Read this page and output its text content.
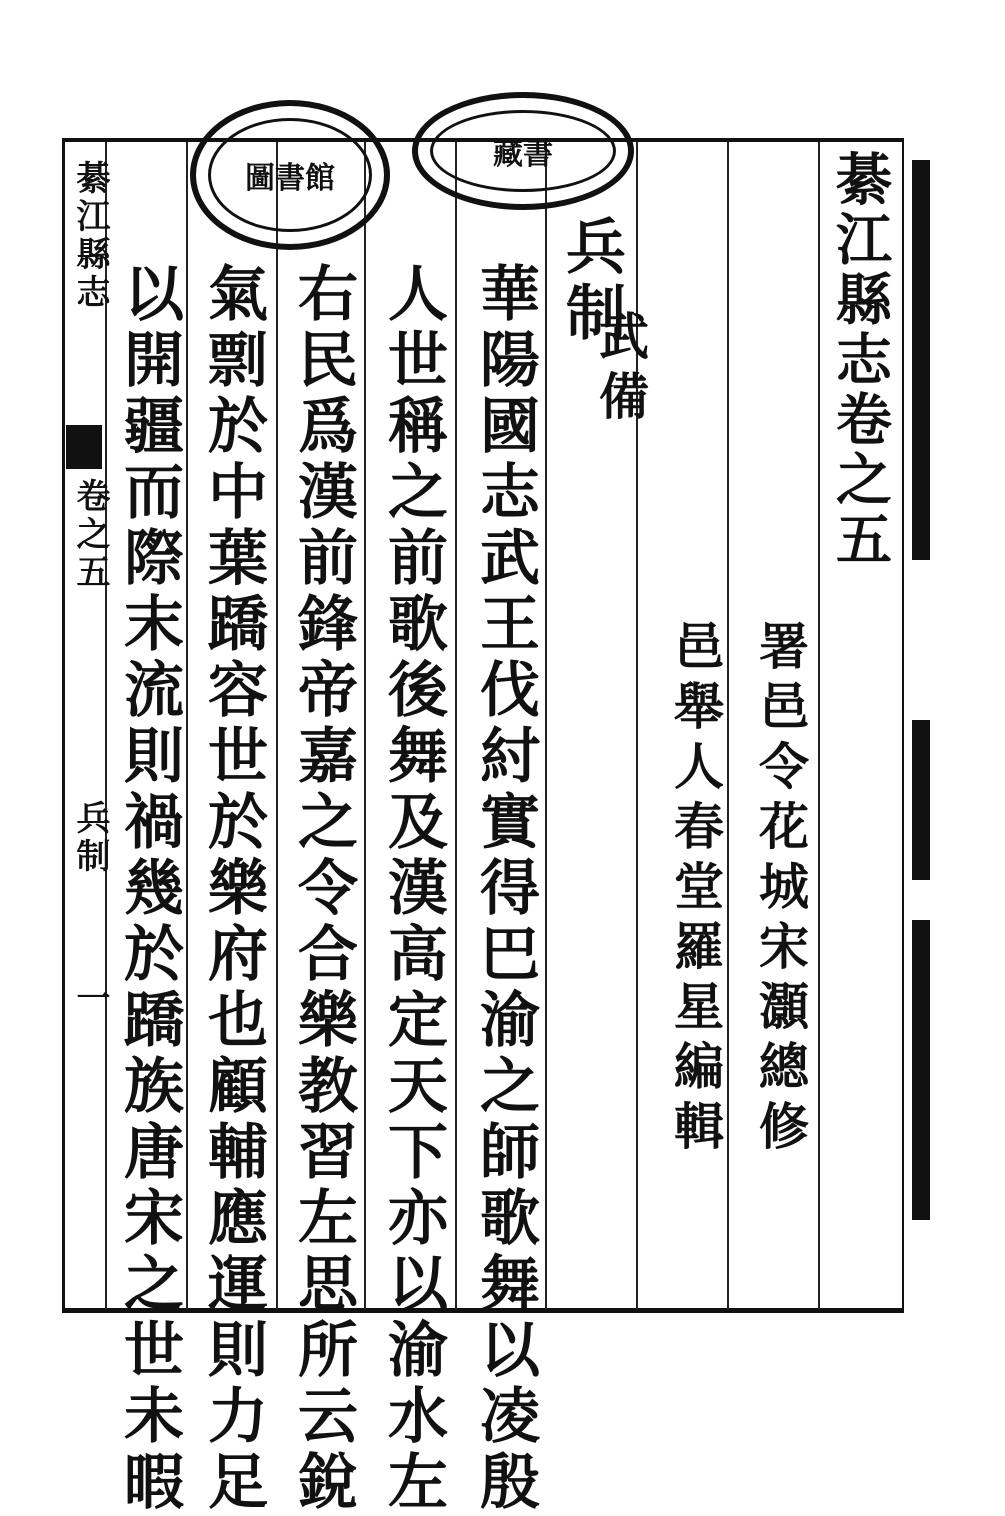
綦江縣志卷之五
署邑令花城宋灝總修
邑舉人春堂羅星編輯
兵制
武備
華陽國志武王伐紂實得巴渝之師歌舞以凌殷
人世稱之前歌後舞及漢高定天下亦以渝水左
右民爲漢前鋒帝嘉之令合樂教習左思所云銳
氣剽於中葉蹻容世於樂府也顧輔應運則力足
以開疆而際末流則禍幾於蹻族唐宋之世未暇
綦江縣志
卷之五
兵制
一
圖書館
藏書
